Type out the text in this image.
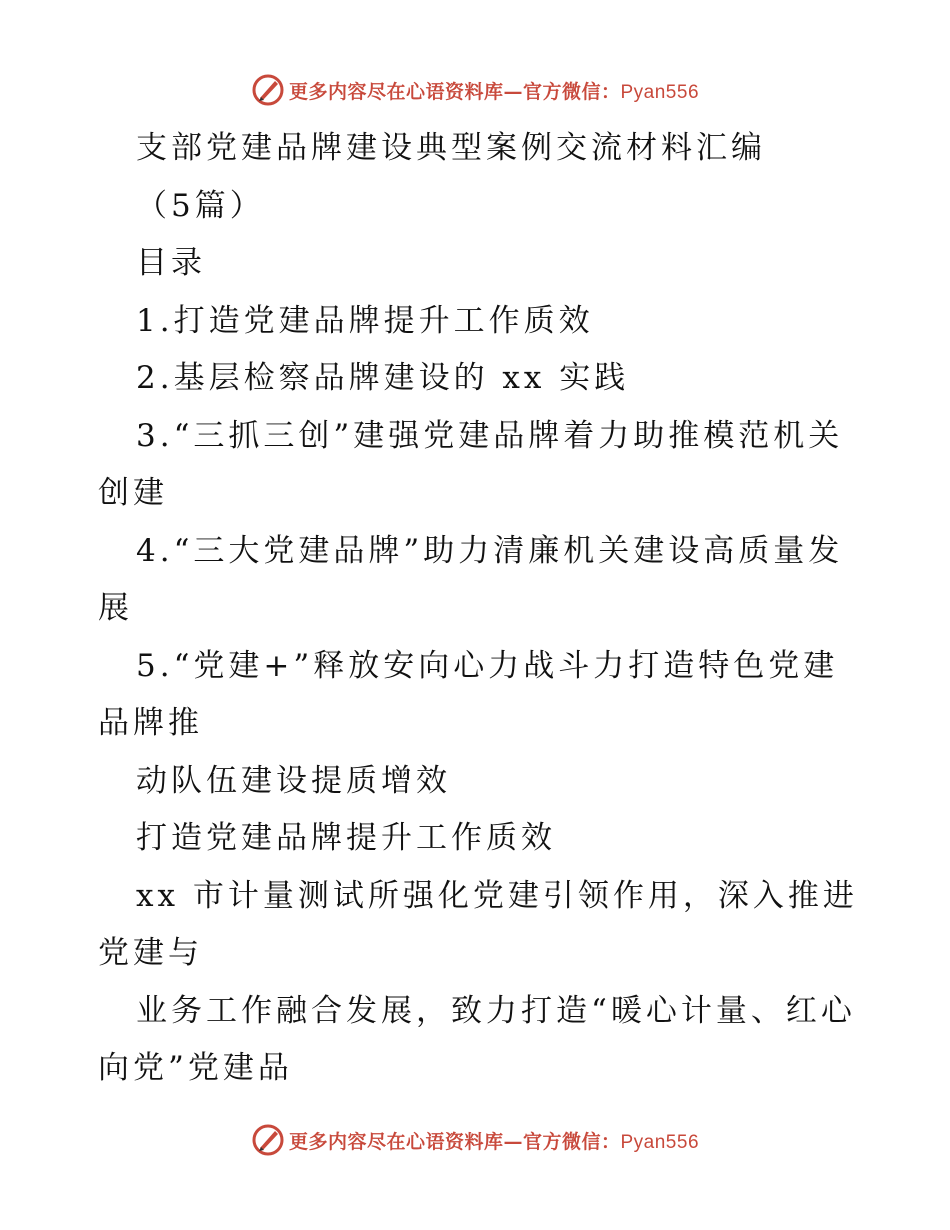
更多内容尽在心语资料库—官方微信：Pyan556

支部党建品牌建设典型案例交流材料汇编

（5篇）

目录

1.打造党建品牌提升工作质效

2.基层检察品牌建设的 xx 实践

3.“三抓三创”建强党建品牌着力助推模范机关创建

4.“三大党建品牌”助力清廉机关建设高质量发展

5.“党建+”释放安向心力战斗力打造特色党建品牌推

动队伍建设提质增效

打造党建品牌提升工作质效

xx 市计量测试所强化党建引领作用，深入推进党建与

业务工作融合发展，致力打造“暖心计量、红心向党”党建品

更多内容尽在心语资料库—官方微信：Pyan556
